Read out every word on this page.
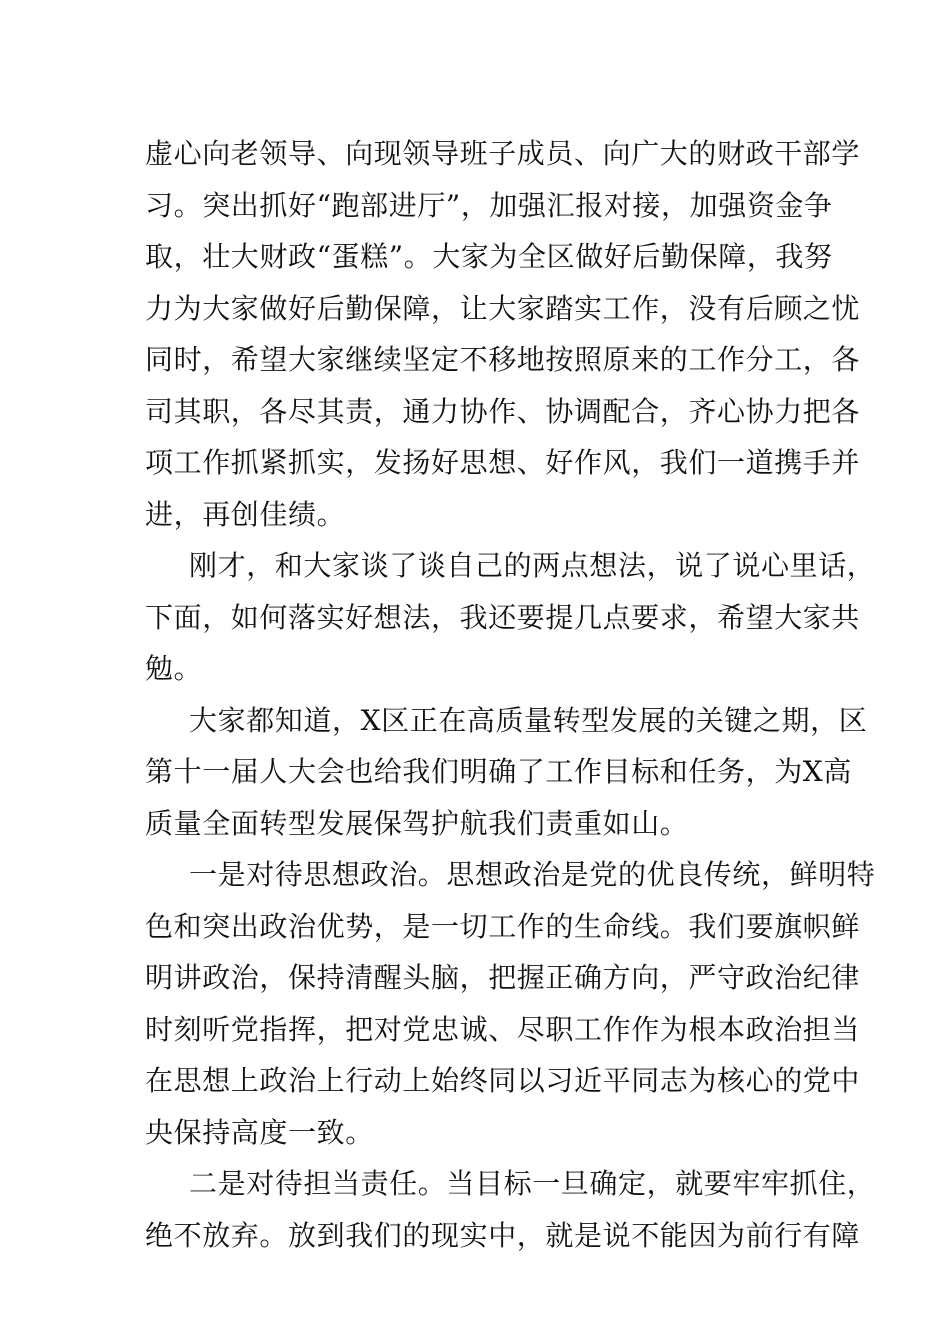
虚心向老领导、向现领导班子成员、向广大的财政干部学
习。突出抓好“跑部进厅”，加强汇报对接，加强资金争
取，壮大财政“蛋糕”。大家为全区做好后勤保障，我努
力为大家做好后勤保障，让大家踏实工作，没有后顾之忧
同时，希望大家继续坚定不移地按照原来的工作分工，各
司其职，各尽其责，通力协作、协调配合，齐心协力把各
项工作抓紧抓实，发扬好思想、好作风，我们一道携手并
进，再创佳绩。
刚才，和大家谈了谈自己的两点想法，说了说心里话，
下面，如何落实好想法，我还要提几点要求，希望大家共
勉。
大家都知道，X区正在高质量转型发展的关键之期，区
第十一届人大会也给我们明确了工作目标和任务，为X高
质量全面转型发展保驾护航我们责重如山。
一是对待思想政治。思想政治是党的优良传统，鲜明特
色和突出政治优势，是一切工作的生命线。我们要旗帜鲜
明讲政治，保持清醒头脑，把握正确方向，严守政治纪律
时刻听党指挥，把对党忠诚、尽职工作作为根本政治担当
在思想上政治上行动上始终同以习近平同志为核心的党中
央保持高度一致。
二是对待担当责任。当目标一旦确定，就要牢牢抓住，
绝不放弃。放到我们的现实中，就是说不能因为前行有障
